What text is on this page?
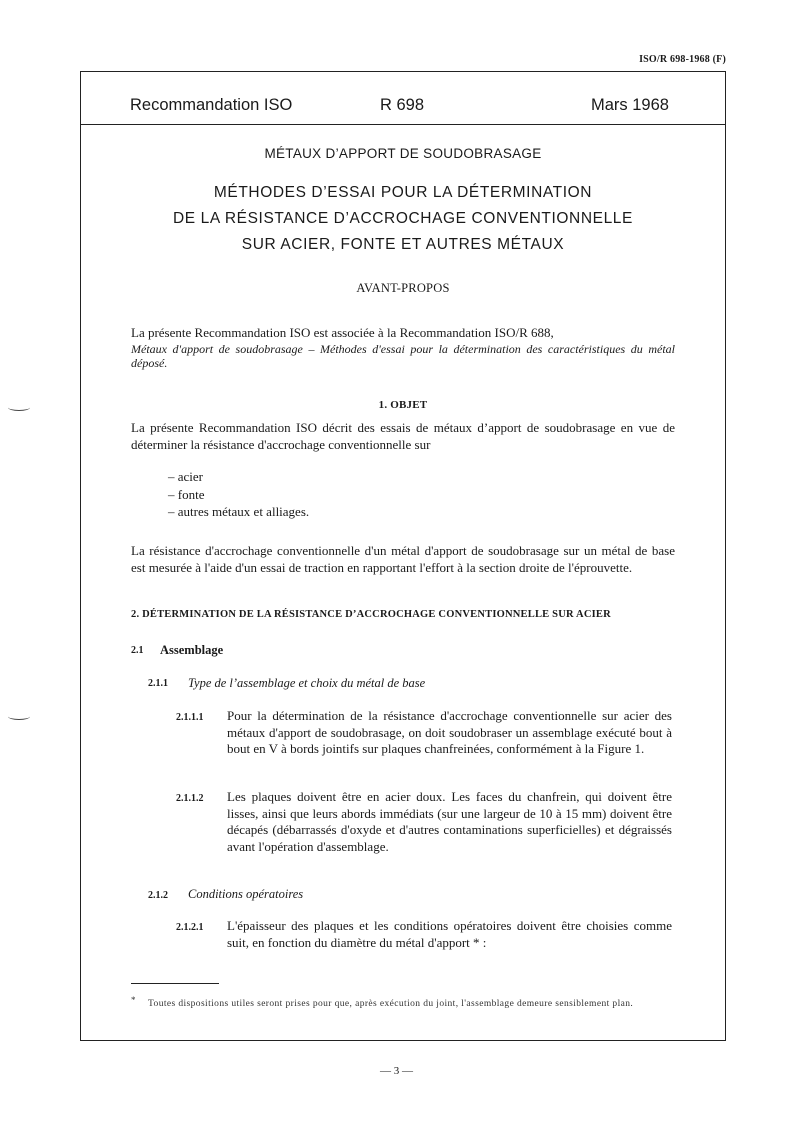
ISO/R 698-1968 (F)
Recommandation ISO	R 698	Mars 1968
MÉTAUX D’APPORT DE SOUDOBRASAGE
MÉTHODES D’ESSAI POUR LA DÉTERMINATION
DE LA RÉSISTANCE D’ACCROCHAGE CONVENTIONNELLE
SUR ACIER, FONTE ET AUTRES MÉTAUX
AVANT-PROPOS
La présente Recommandation ISO est associée à la Recommandation ISO/R 688,
Métaux d'apport de soudobrasage – Méthodes d'essai pour la détermination des caractéristiques du métal déposé.
1. OBJET
La présente Recommandation ISO décrit des essais de métaux d’apport de soudobrasage en vue de déterminer la résistance d'accrochage conventionnelle sur
– acier
– fonte
– autres métaux et alliages.
La résistance d'accrochage conventionnelle d'un métal d'apport de soudobrasage sur un métal de base est mesurée à l'aide d'un essai de traction en rapportant l'effort à la section droite de l'éprouvette.
2. DÉTERMINATION DE LA RÉSISTANCE D’ACCROCHAGE CONVENTIONNELLE SUR ACIER
2.1 Assemblage
2.1.1 Type de l’assemblage et choix du métal de base
2.1.1.1 Pour la détermination de la résistance d'accrochage conventionnelle sur acier des métaux d'apport de soudobrasage, on doit soudobraser un assemblage exécuté bout à bout en V à bords jointifs sur plaques chanfreinées, conformément à la Figure 1.
2.1.1.2 Les plaques doivent être en acier doux. Les faces du chanfrein, qui doivent être lisses, ainsi que leurs abords immédiats (sur une largeur de 10 à 15 mm) doivent être décapés (débarrassés d'oxyde et d'autres contaminations superficielles) et dégraissés avant l'opération d'assemblage.
2.1.2 Conditions opératoires
2.1.2.1 L'épaisseur des plaques et les conditions opératoires doivent être choisies comme suit, en fonction du diamètre du métal d'apport * :
* Toutes dispositions utiles seront prises pour que, après exécution du joint, l'assemblage demeure sensiblement plan.
— 3 —
